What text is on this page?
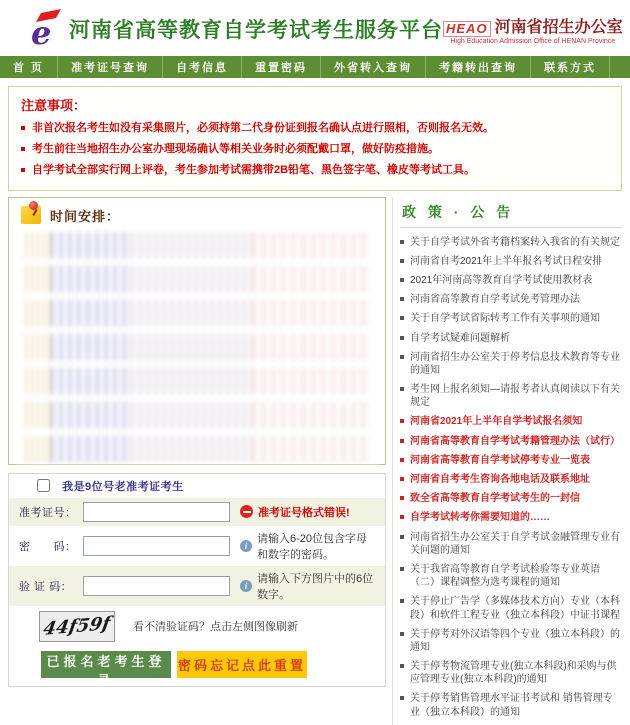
e 河南省高等教育自学考试考生服务平台 HEAO 河南省招生办公室
High Education Admission Office of HENAN Province
首 页	准考证号查询	自考信息	重置密码	外省转入查询	考籍转出查询	联系方式
注意事项：
非首次报名考生如没有采集照片，必须持第二代身份证到报名确认点进行照相，否则报名无效。
考生前往当地招生办公室办理现场确认等相关业务时必须配戴口罩，做好防疫措施。
自学考试全部实行网上评卷，考生参加考试需携带2B铅笔、黑色签字笔、橡皮等考试工具。
时间安排：
我是9位号老准考证考生
准考证号：	准考证号格式错误!
密　　码：	i
请输入6-20位包含字母和数字的密码。
验 证 码：	i
请输入下方图片中的6位数字。
44f59f 看不清验证码？点击左侧图像刷新
已报名老考生登录
密码忘记点此重置
政 策 · 公 告
关于自学考试外省考籍档案转入我省的有关规定
河南省自考2021年上半年报名考试日程安排
2021年河南高等教育自学考试使用教材表
河南省高等教育自学考试免考管理办法
关于自学考试省际转考工作有关事项的通知
自学考试疑难问题解析
河南省招生办公室关于停考信息技术教育等专业的通知
考生网上报名须知—请报考者认真阅读以下有关规定
河南省2021年上半年自学考试报名须知
河南省高等教育自学考试考籍管理办法（试行）
河南省高等教育自学考试停考专业一览表
河南省自考考生咨询各地电话及联系地址
致全省高等教育自学考试考生的一封信
自学考试转考你需要知道的……
河南省招生办公室关于自学考试金融管理专业有关问题的通知
关于我省高等教育自学考试检验等专业英语（二）课程调整为选考课程的通知
关于停止广告学（多媒体技术方向）专业（本科段）和软件工程专业（独立本科段）中证书课程
关于停考对外汉语等四个专业（独立本科段）的通知
关于停考物流管理专业(独立本科段)和采购与供应管理专业(独立本科段)的通知
关于停考销售管理水平证书考试和 销售管理专业（独立本科段）的通知
